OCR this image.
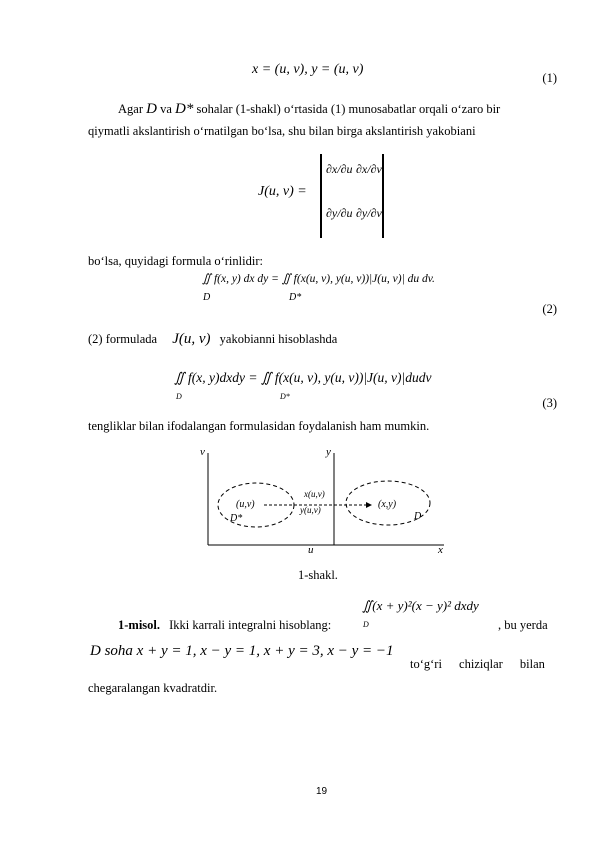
x = (u, v), y = (u, v)
(1)
Agar D va D* sohalar (1-shakl) o‘rtasida (1) munosabatlar orqali o‘zaro bir
qiymatli akslantirish o‘rnatilgan bo‘lsa, shu bilan birga akslantirish yakobiani
J(u, v) =
∂x/∂u ∂x/∂v
∂y/∂u ∂y/∂v
bo‘lsa, quyidagi formula o‘rinlidir:
∬ f(x, y) dx dy = ∬ f(x(u, v), y(u, v))|J(u, v)| du dv.
D	D*
(2)
(2) formulada J(u, v) yakobianni hisoblashda
∬ f(x, y)dxdy = ∬ f(x(u, v), y(u, v))|J(u, v)|dudv
D	D*	(3)
tengliklar bilan ifodalangan formulasidan foydalanish ham mumkin.
v	y
u	x
(u,v)	(x,y)
x(u,v)
y(u,v)
D*	D
1-shakl.
1-misol. Ikki karrali integralni hisoblang:
∬(x + y)²(x − y)² dxdy
D	, bu yerda
D soha x + y = 1, x − y = 1, x + y = 3, x − y = −1
to‘g‘ri chiziqlar bilan
chegaralangan kvadratdir.
19
